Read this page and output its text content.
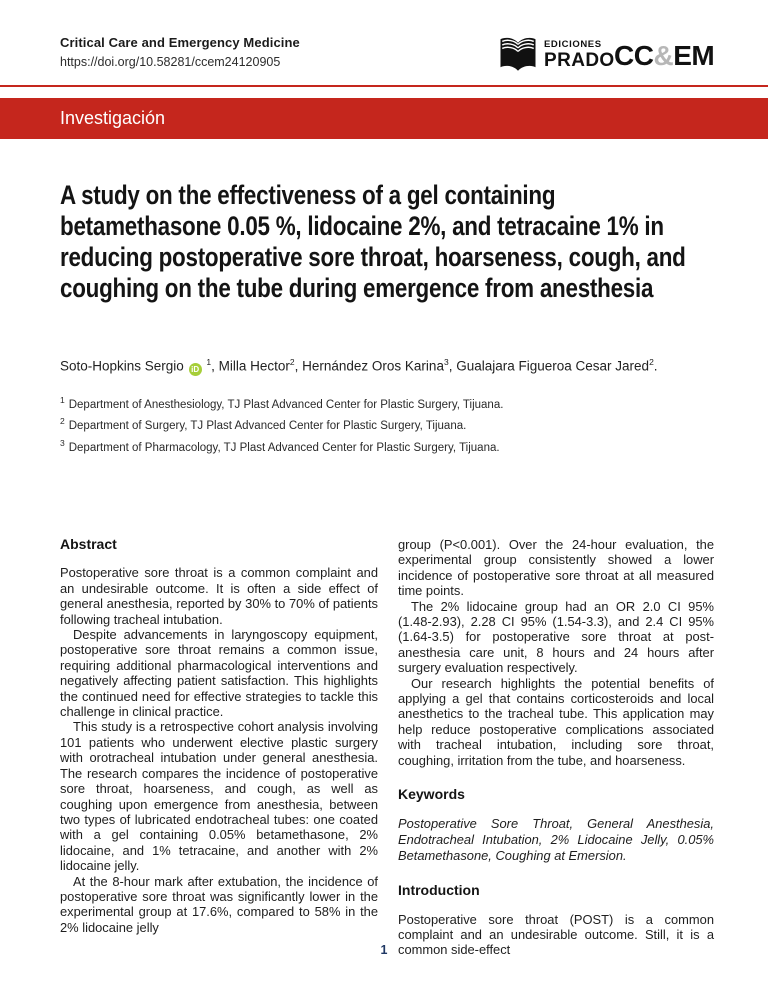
Critical Care and Emergency Medicine
https://doi.org/10.58281/ccem24120905
EDICIONES
PRADO CC&EM
Investigación
A study on the effectiveness of a gel containing betamethasone 0.05 %, lidocaine 2%, and tetracaine 1% in reducing postoperative sore throat, hoarseness, cough, and coughing on the tube during emergence from anesthesia
Soto-Hopkins Sergio iD $^1$, Milla Hector$^2$, Hernández Oros Karina$^3$, Gualajara Figueroa Cesar Jared$^2$.
$^1$ Department of Anesthesiology, TJ Plast Advanced Center for Plastic Surgery, Tijuana.
$^2$ Department of Surgery, TJ Plast Advanced Center for Plastic Surgery, Tijuana.
$^3$ Department of Pharmacology, TJ Plast Advanced Center for Plastic Surgery, Tijuana.
Abstract

Postoperative sore throat is a common complaint and an undesirable outcome. It is often a side effect of general anesthesia, reported by 30% to 70% of patients following tracheal intubation.

Despite advancements in laryngoscopy equipment, postoperative sore throat remains a common issue, requiring additional pharmacological interventions and negatively affecting patient satisfaction. This highlights the continued need for effective strategies to tackle this challenge in clinical practice.

This study is a retrospective cohort analysis involving 101 patients who underwent elective plastic surgery with orotracheal intubation under general anesthesia. The research compares the incidence of postoperative sore throat, hoarseness, and cough, as well as coughing upon emergence from anesthesia, between two types of lubricated endotracheal tubes: one coated with a gel containing 0.05% betamethasone, 2% lidocaine, and 1% tetracaine, and another with 2% lidocaine jelly.

At the 8-hour mark after extubation, the incidence of postoperative sore throat was significantly lower in the experimental group at 17.6%, compared to 58% in the 2% lidocaine jelly

group (P<0.001). Over the 24-hour evaluation, the experimental group consistently showed a lower incidence of postoperative sore throat at all measured time points.

The 2% lidocaine group had an OR 2.0 CI 95% (1.48-2.93), 2.28 CI 95% (1.54-3.3), and 2.4 CI 95% (1.64-3.5) for postoperative sore throat at post-anesthesia care unit, 8 hours and 24 hours after surgery evaluation respectively.

Our research highlights the potential benefits of applying a gel that contains corticosteroids and local anesthetics to the tracheal tube. This application may help reduce postoperative complications associated with tracheal intubation, including sore throat, coughing, irritation from the tube, and hoarseness.

Keywords

Postoperative Sore Throat, General Anesthesia, Endotracheal Intubation, 2% Lidocaine Jelly, 0.05% Betamethasone, Coughing at Emersion.

Introduction

Postoperative sore throat (POST) is a common complaint and an undesirable outcome. Still, it is a common side-effect

1
